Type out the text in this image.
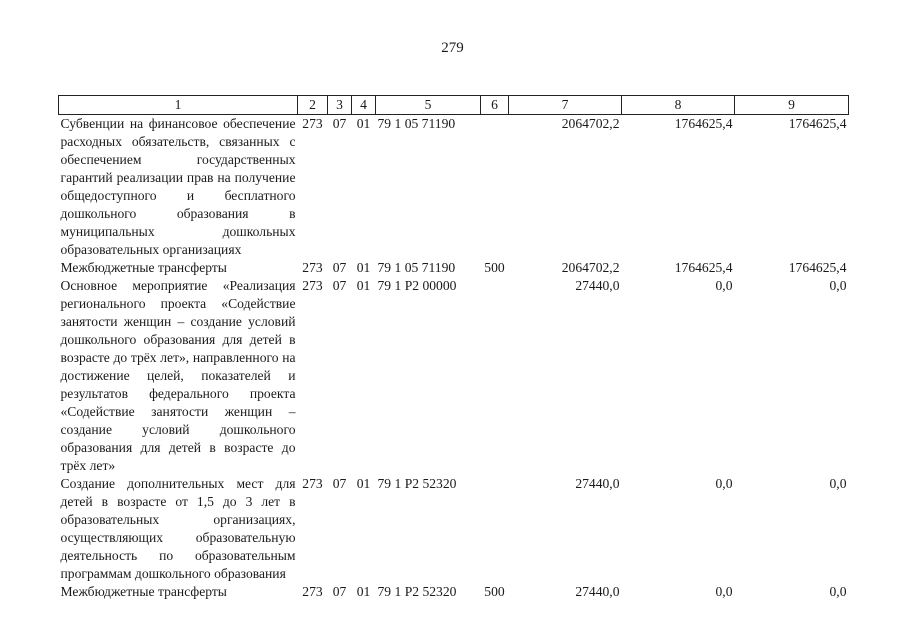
279
1	2	3	4	5	6	7	8	9
Субвенции на финансовое обеспечение расходных обязательств, связанных с обеспечением государственных гарантий реализации прав на получение общедоступного и бесплатного дошкольного образования в муниципальных дошкольных образовательных организациях	273	07	01	79 1 05 71190		2064702,2	1764625,4	1764625,4
Межбюджетные трансферты	273	07	01	79 1 05 71190	500	2064702,2	1764625,4	1764625,4
Основное мероприятие «Реализация регионального проекта «Содействие занятости женщин – создание условий дошкольного образования для детей в возрасте до трёх лет», направленного на достижение целей, показателей и результатов федерального проекта «Содействие занятости женщин – создание условий дошкольного образования для детей в возрасте до трёх лет»	273	07	01	79 1 P2 00000		27440,0	0,0	0,0
Создание дополнительных мест для детей в возрасте от 1,5 до 3 лет в образовательных организациях, осуществляющих образовательную деятельность по образовательным программам дошкольного образования	273	07	01	79 1 P2 52320		27440,0	0,0	0,0
Межбюджетные трансферты	273	07	01	79 1 P2 52320	500	27440,0	0,0	0,0
